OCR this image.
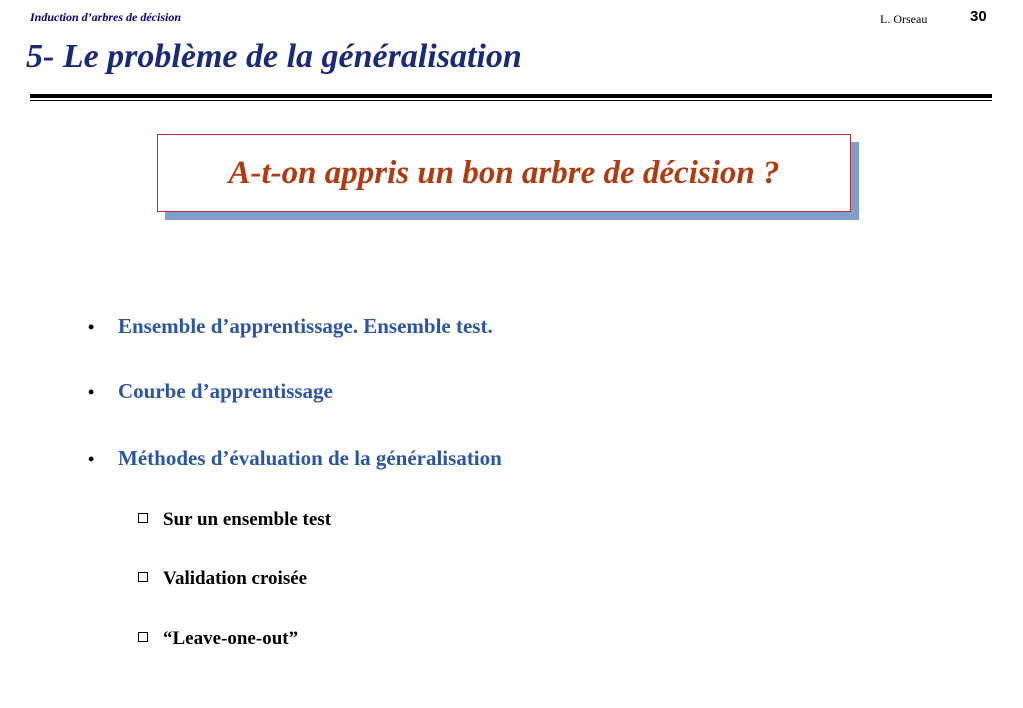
Induction d’arbres de décision	L. Orseau	30
5- Le problème de la généralisation
A-t-on appris un bon arbre de décision ?
• Ensemble d’apprentissage. Ensemble test.
• Courbe d’apprentissage
• Méthodes d’évaluation de la généralisation
Sur un ensemble test
Validation croisée
“Leave-one-out”
